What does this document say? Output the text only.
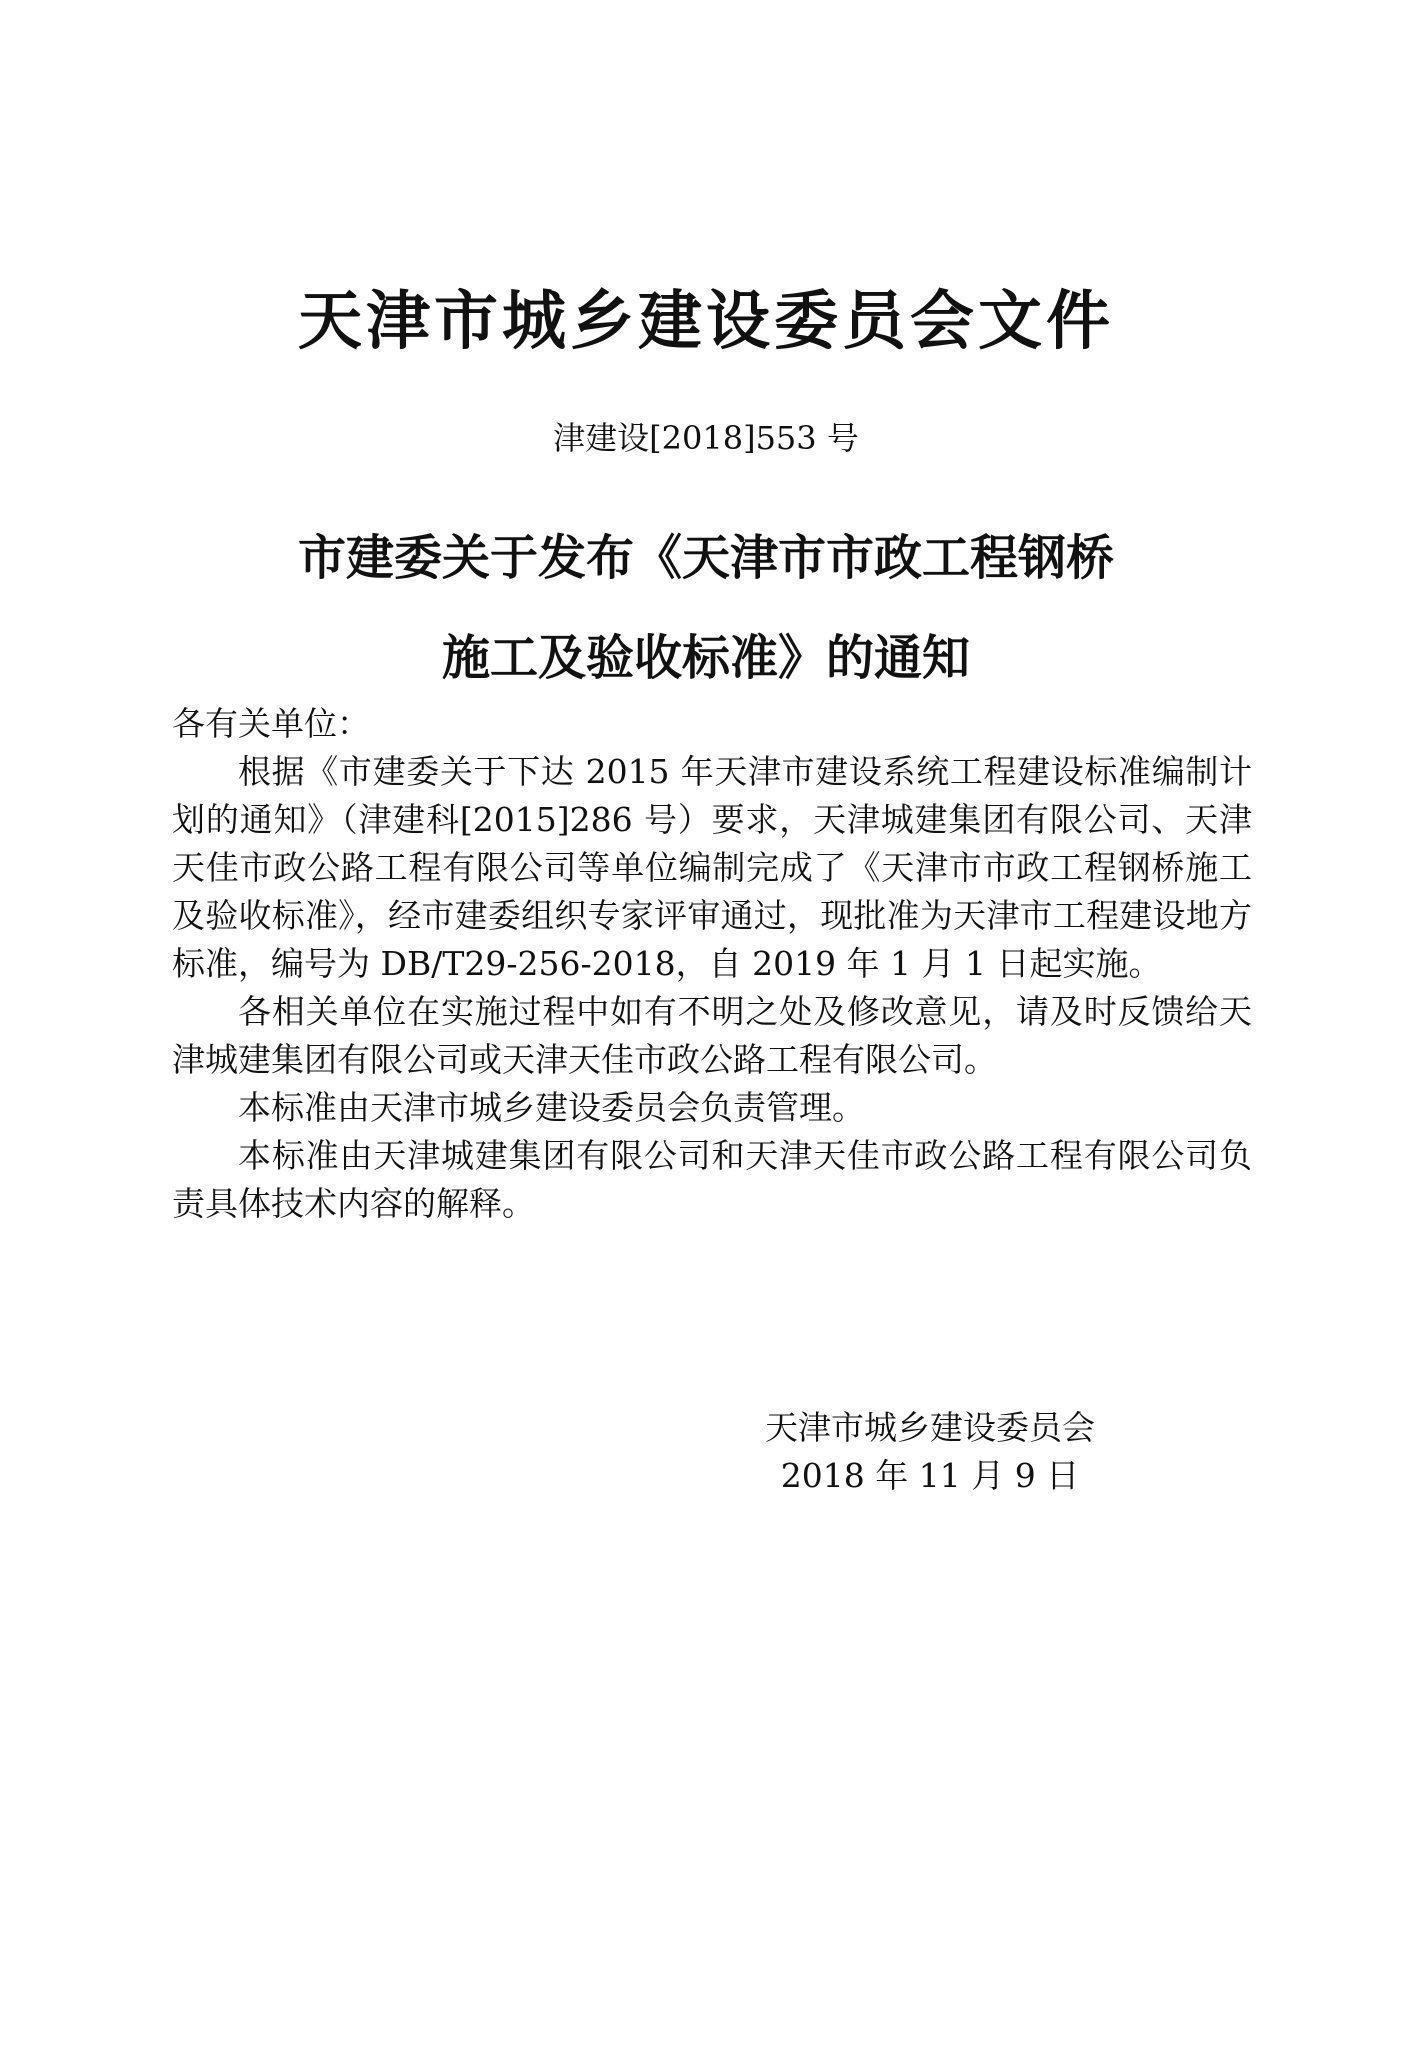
天津市城乡建设委员会文件
津建设[2018]553 号
市建委关于发布《天津市市政工程钢桥
施工及验收标准》的通知

各有关单位：

根据《市建委关于下达 2015 年天津市建设系统工程建设标准编制计划的通知》（津建科[2015]286 号）要求，天津城建集团有限公司、天津天佳市政公路工程有限公司等单位编制完成了《天津市市政工程钢桥施工及验收标准》，经市建委组织专家评审通过，现批准为天津市工程建设地方标准，编号为 DB/T29-256-2018，自 2019 年 1 月 1 日起实施。

各相关单位在实施过程中如有不明之处及修改意见，请及时反馈给天津城建集团有限公司或天津天佳市政公路工程有限公司。

本标准由天津市城乡建设委员会负责管理。

本标准由天津城建集团有限公司和天津天佳市政公路工程有限公司负责具体技术内容的解释。

天津市城乡建设委员会
2018 年 11 月 9 日
